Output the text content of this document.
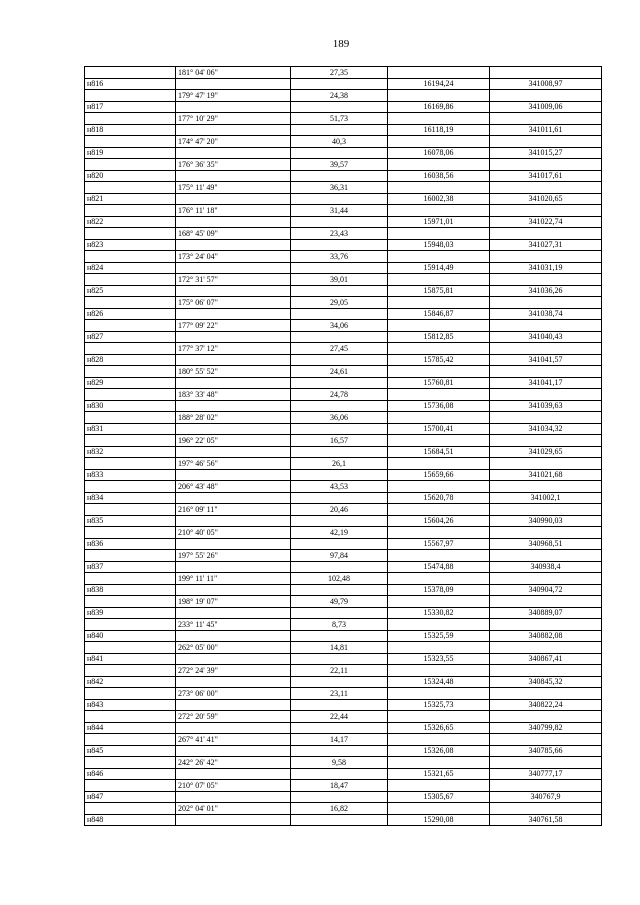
189
	181° 04' 06"	27,35		
н816			16194,24	341008,97
	179° 47' 19"	24,38		
н817			16169,86	341009,06
	177° 10' 29"	51,73		
н818			16118,19	341011,61
	174° 47' 20"	40,3		
н819			16078,06	341015,27
	176° 36' 35"	39,57		
н820			16038,56	341017,61
	175° 11' 49"	36,31		
н821			16002,38	341020,65
	176° 11' 18"	31,44		
н822			15971,01	341022,74
	168° 45' 09"	23,43		
н823			15948,03	341027,31
	173° 24' 04"	33,76		
н824			15914,49	341031,19
	172° 31' 57"	39,01		
н825			15875,81	341036,26
	175° 06' 07"	29,05		
н826			15846,87	341038,74
	177° 09' 22"	34,06		
н827			15812,85	341040,43
	177° 37' 12"	27,45		
н828			15785,42	341041,57
	180° 55' 52"	24,61		
н829			15760,81	341041,17
	183° 33' 48"	24,78		
н830			15736,08	341039,63
	188° 28' 02"	36,06		
н831			15700,41	341034,32
	196° 22' 05"	16,57		
н832			15684,51	341029,65
	197° 46' 56"	26,1		
н833			15659,66	341021,68
	206° 43' 48"	43,53		
н834			15620,78	341002,1
	216° 09' 11"	20,46		
н835			15604,26	340990,03
	210° 40' 05"	42,19		
н836			15567,97	340968,51
	197° 55' 26"	97,84		
н837			15474,88	340938,4
	199° 11' 11"	102,48		
н838			15378,09	340904,72
	198° 19' 07"	49,79		
н839			15330,82	340889,07
	233° 11' 45"	8,73		
н840			15325,59	340882,08
	262° 05' 00"	14,81		
н841			15323,55	340867,41
	272° 24' 39"	22,11		
н842			15324,48	340845,32
	273° 06' 00"	23,11		
н843			15325,73	340822,24
	272° 20' 59"	22,44		
н844			15326,65	340799,82
	267° 41' 41"	14,17		
н845			15326,08	340785,66
	242° 26' 42"	9,58		
н846			15321,65	340777,17
	210° 07' 05"	18,47		
н847			15305,67	340767,9
	202° 04' 01"	16,82		
н848			15290,08	340761,58
